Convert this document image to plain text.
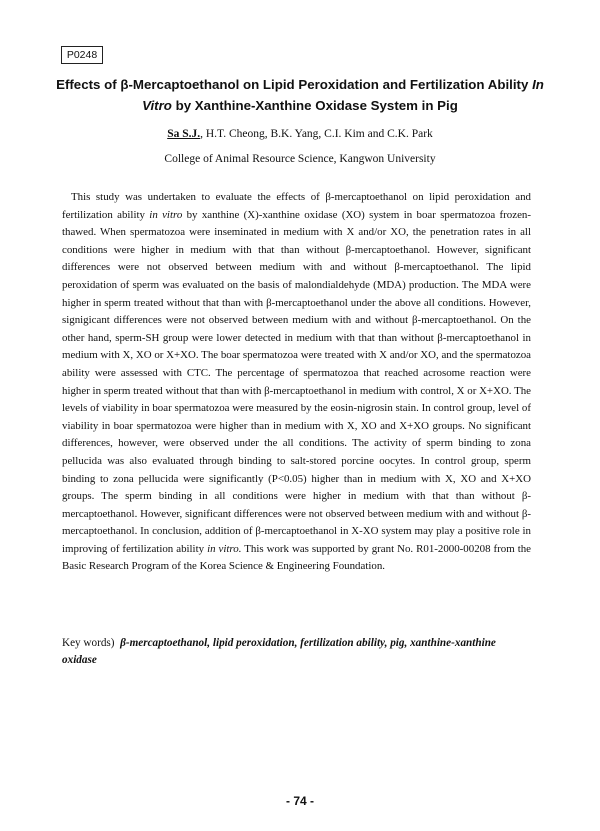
P0248
Effects of β-Mercaptoethanol on Lipid Peroxidation and Fertilization Ability In Vitro by Xanthine-Xanthine Oxidase System in Pig
Sa S.J., H.T. Cheong, B.K. Yang, C.I. Kim and C.K. Park
College of Animal Resource Science, Kangwon University

This study was undertaken to evaluate the effects of β-mercaptoethanol on lipid peroxidation and fertilization ability in vitro by xanthine (X)-xanthine oxidase (XO) system in boar spermatozoa frozen-thawed. When spermatozoa were inseminated in medium with X and/or XO, the penetration rates in all conditions were higher in medium with that than without β-mercaptoethanol. However, significant differences were not observed between medium with and without β-mercaptoethanol. The lipid peroxidation of sperm was evaluated on the basis of malondialdehyde (MDA) production. The MDA were higher in sperm treated without that than with β-mercaptoethanol under the above all conditions. However, signigicant differences were not observed between medium with and without β-mercaptoethanol. On the other hand, sperm-SH group were lower detected in medium with that than without β-mercaptoethanol in medium with X, XO or X+XO. The boar spermatozoa were treated with X and/or XO, and the spermatozoa ability were assessed with CTC. The percentage of spermatozoa that reached acrosome reaction were higher in sperm treated without that than with β-mercaptoethanol in medium with control, X or X+XO. The levels of viability in boar spermatozoa were measured by the eosin-nigrosin stain. In control group, level of viability in boar spermatozoa were higher than in medium with X, XO and X+XO groups. No significant differences, however, were observed under the all conditions. The activity of sperm binding to zona pellucida was also evaluated through binding to salt-stored porcine oocytes. In control group, sperm binding to zona pellucida were significantly (P<0.05) higher than in medium with X, XO and X+XO groups. The sperm binding in all conditions were higher in medium with that than without β-mercaptoethanol. However, significant differences were not observed between medium with and without β-mercaptoethanol. In conclusion, addition of β-mercaptoethanol in X-XO system may play a positive role in improving of fertilization ability in vitro. This work was supported by grant No. R01-2000-00208 from the Basic Research Program of the Korea Science & Engineering Foundation.

Key words) β-mercaptoethanol, lipid peroxidation, fertilization ability, pig, xanthine-xanthine oxidase

- 74 -
